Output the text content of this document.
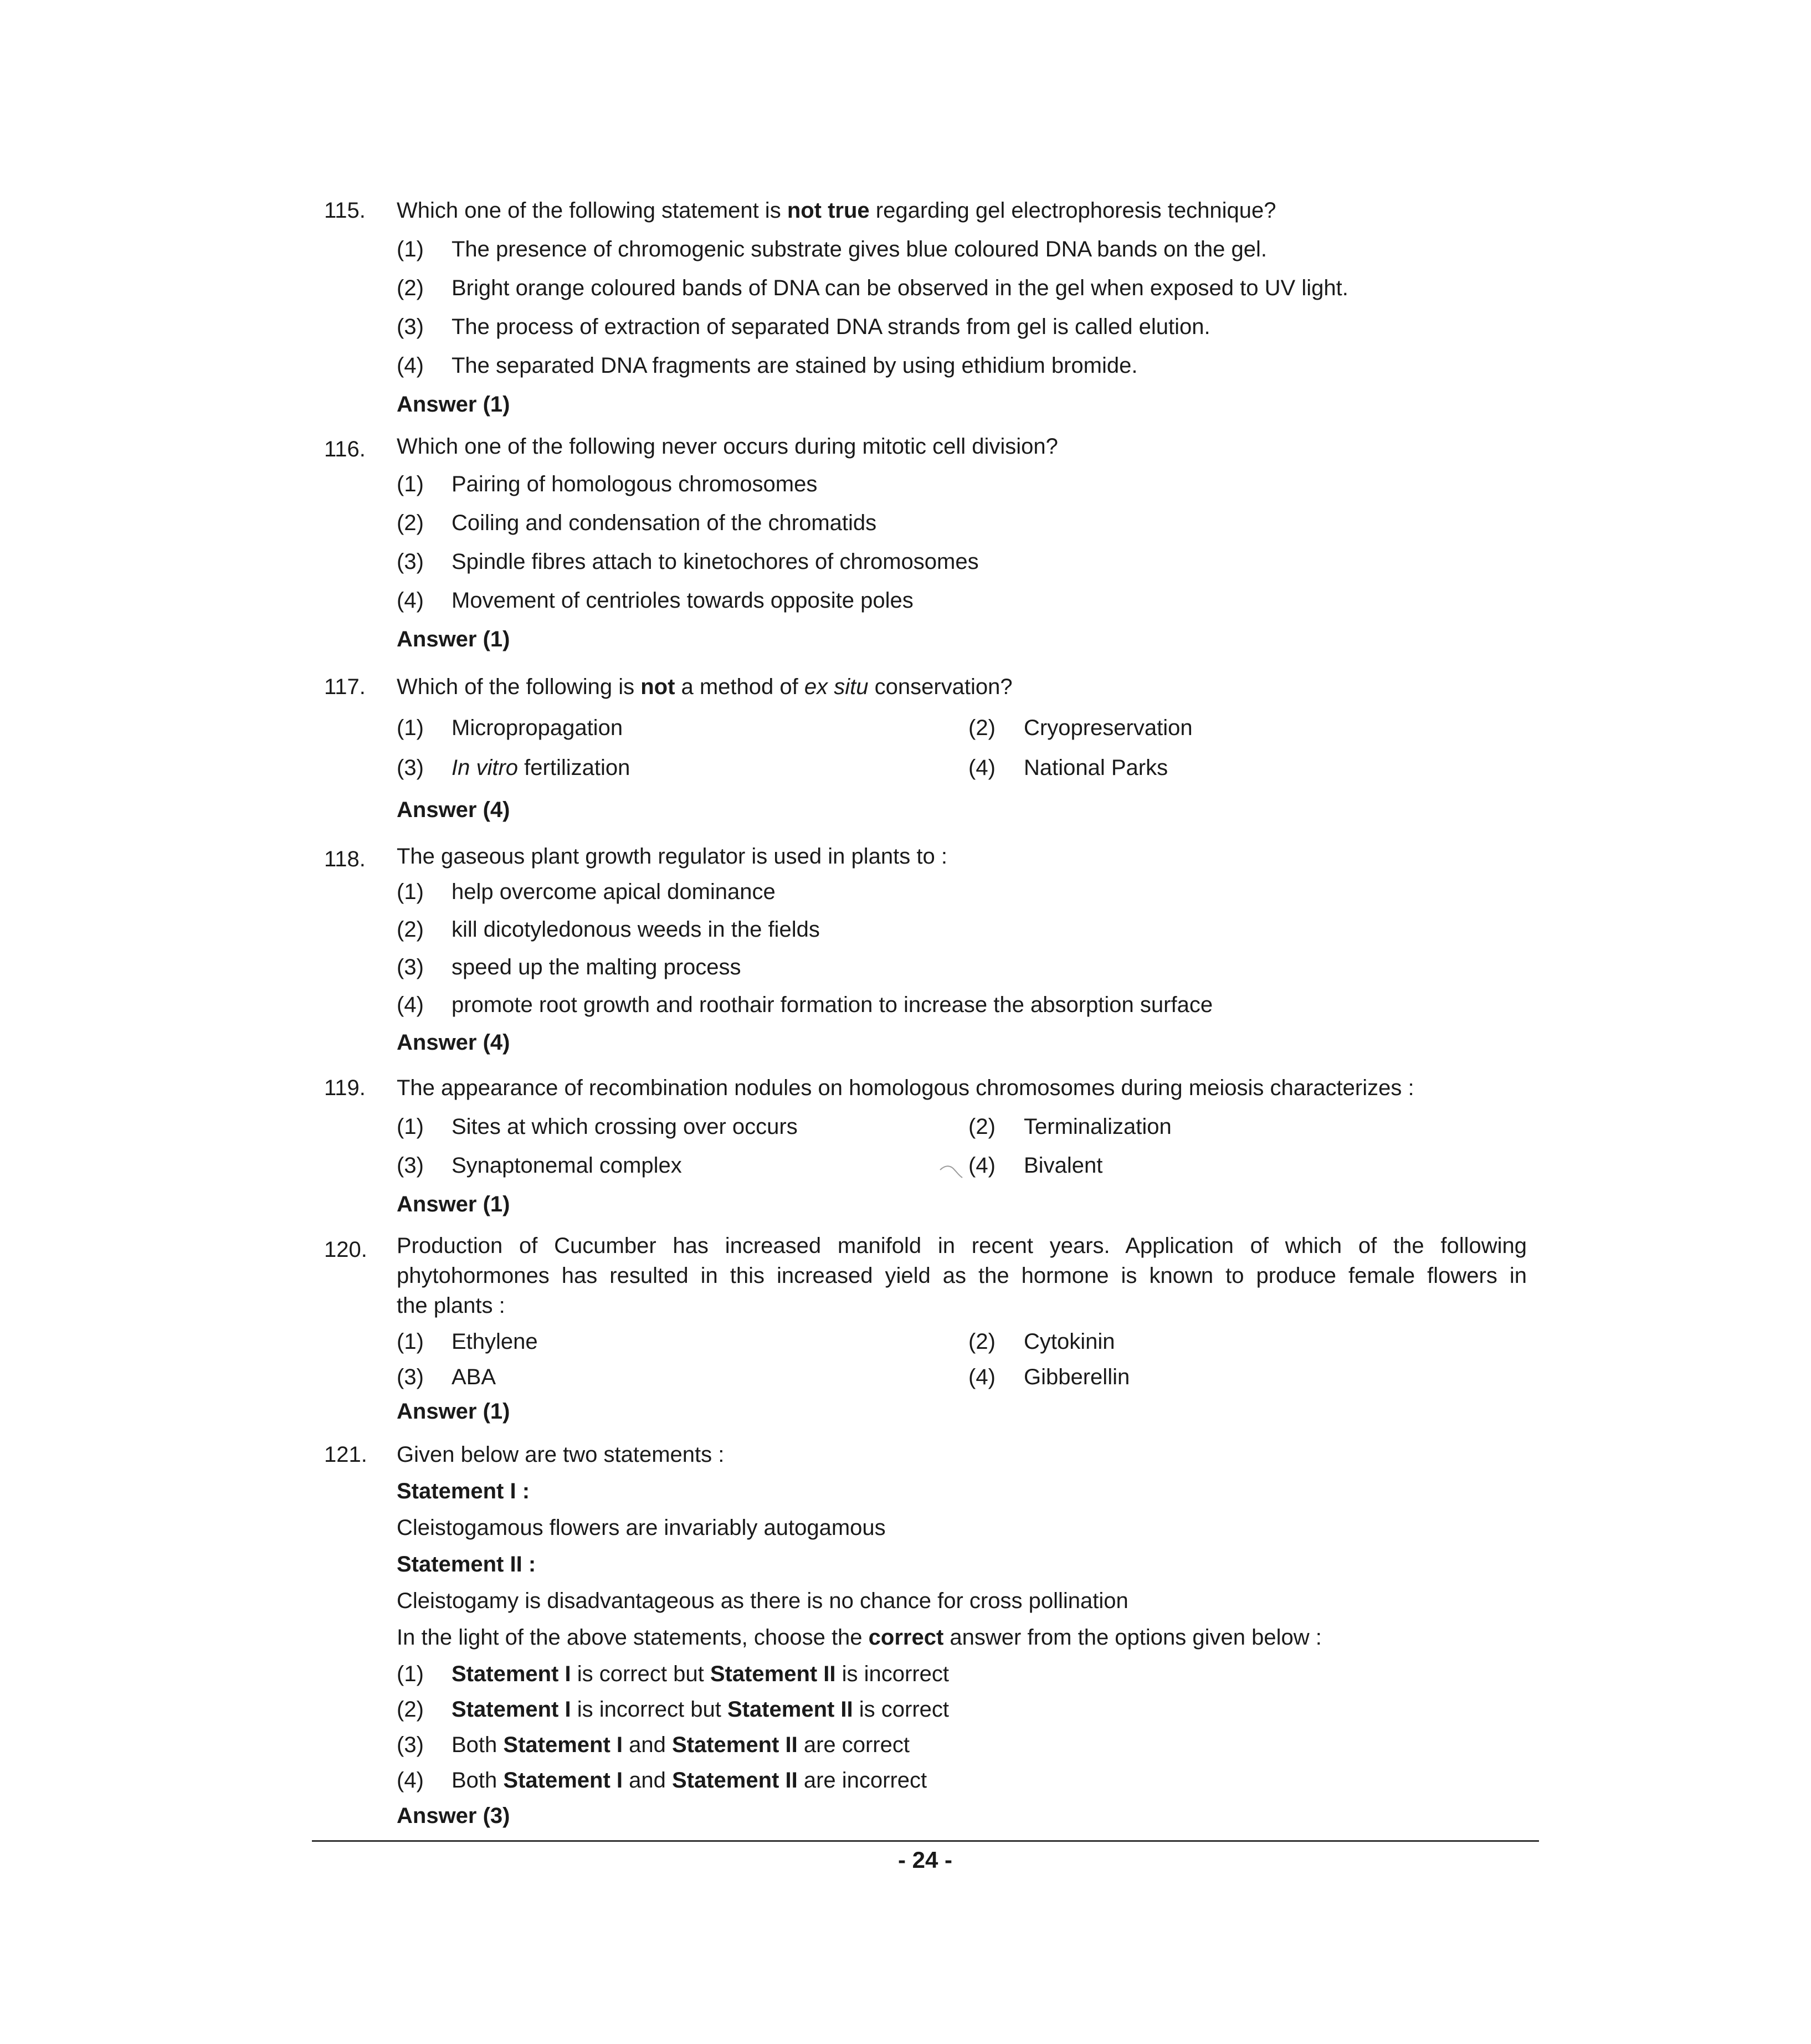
115. Which one of the following statement is not true regarding gel electrophoresis technique?
(1) The presence of chromogenic substrate gives blue coloured DNA bands on the gel.
(2) Bright orange coloured bands of DNA can be observed in the gel when exposed to UV light.
(3) The process of extraction of separated DNA strands from gel is called elution.
(4) The separated DNA fragments are stained by using ethidium bromide.
Answer (1)
116. Which one of the following never occurs during mitotic cell division?
(1) Pairing of homologous chromosomes
(2) Coiling and condensation of the chromatids
(3) Spindle fibres attach to kinetochores of chromosomes
(4) Movement of centrioles towards opposite poles
Answer (1)
117. Which of the following is not a method of ex situ conservation?
(1) Micropropagation	(2) Cryopreservation
(3) In vitro fertilization	(4) National Parks
Answer (4)
118. The gaseous plant growth regulator is used in plants to :
(1) help overcome apical dominance
(2) kill dicotyledonous weeds in the fields
(3) speed up the malting process
(4) promote root growth and roothair formation to increase the absorption surface
Answer (4)
119. The appearance of recombination nodules on homologous chromosomes during meiosis characterizes :
(1) Sites at which crossing over occurs	(2) Terminalization
(3) Synaptonemal complex	(4) Bivalent
Answer (1)
120. Production of Cucumber has increased manifold in recent years. Application of which of the following
phytohormones has resulted in this increased yield as the hormone is known to produce female flowers in
the plants :
(1) Ethylene	(2) Cytokinin
(3) ABA	(4) Gibberellin
Answer (1)
121. Given below are two statements :
Statement I :
Cleistogamous flowers are invariably autogamous
Statement II :
Cleistogamy is disadvantageous as there is no chance for cross pollination
In the light of the above statements, choose the correct answer from the options given below :
(1) Statement I is correct but Statement II is incorrect
(2) Statement I is incorrect but Statement II is correct
(3) Both Statement I and Statement II are correct
(4) Both Statement I and Statement II are incorrect
Answer (3)
- 24 -
